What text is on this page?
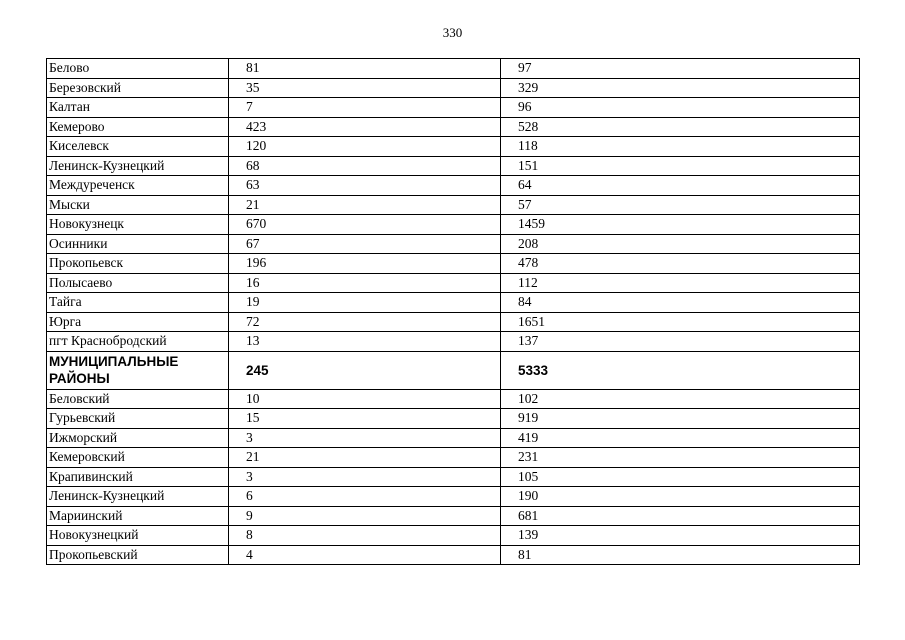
330
Белово	81	97
Березовский	35	329
Калтан	7	96
Кемерово	423	528
Киселевск	120	118
Ленинск-Кузнецкий	68	151
Междуреченск	63	64
Мыски	21	57
Новокузнецк	670	1459
Осинники	67	208
Прокопьевск	196	478
Полысаево	16	112
Тайга	19	84
Юрга	72	1651
пгт Краснобродский	13	137
МУНИЦИПАЛЬНЫЕ РАЙОНЫ	245	5333
Беловский	10	102
Гурьевский	15	919
Ижморский	3	419
Кемеровский	21	231
Крапивинский	3	105
Ленинск-Кузнецкий	6	190
Мариинский	9	681
Новокузнецкий	8	139
Прокопьевский	4	81
